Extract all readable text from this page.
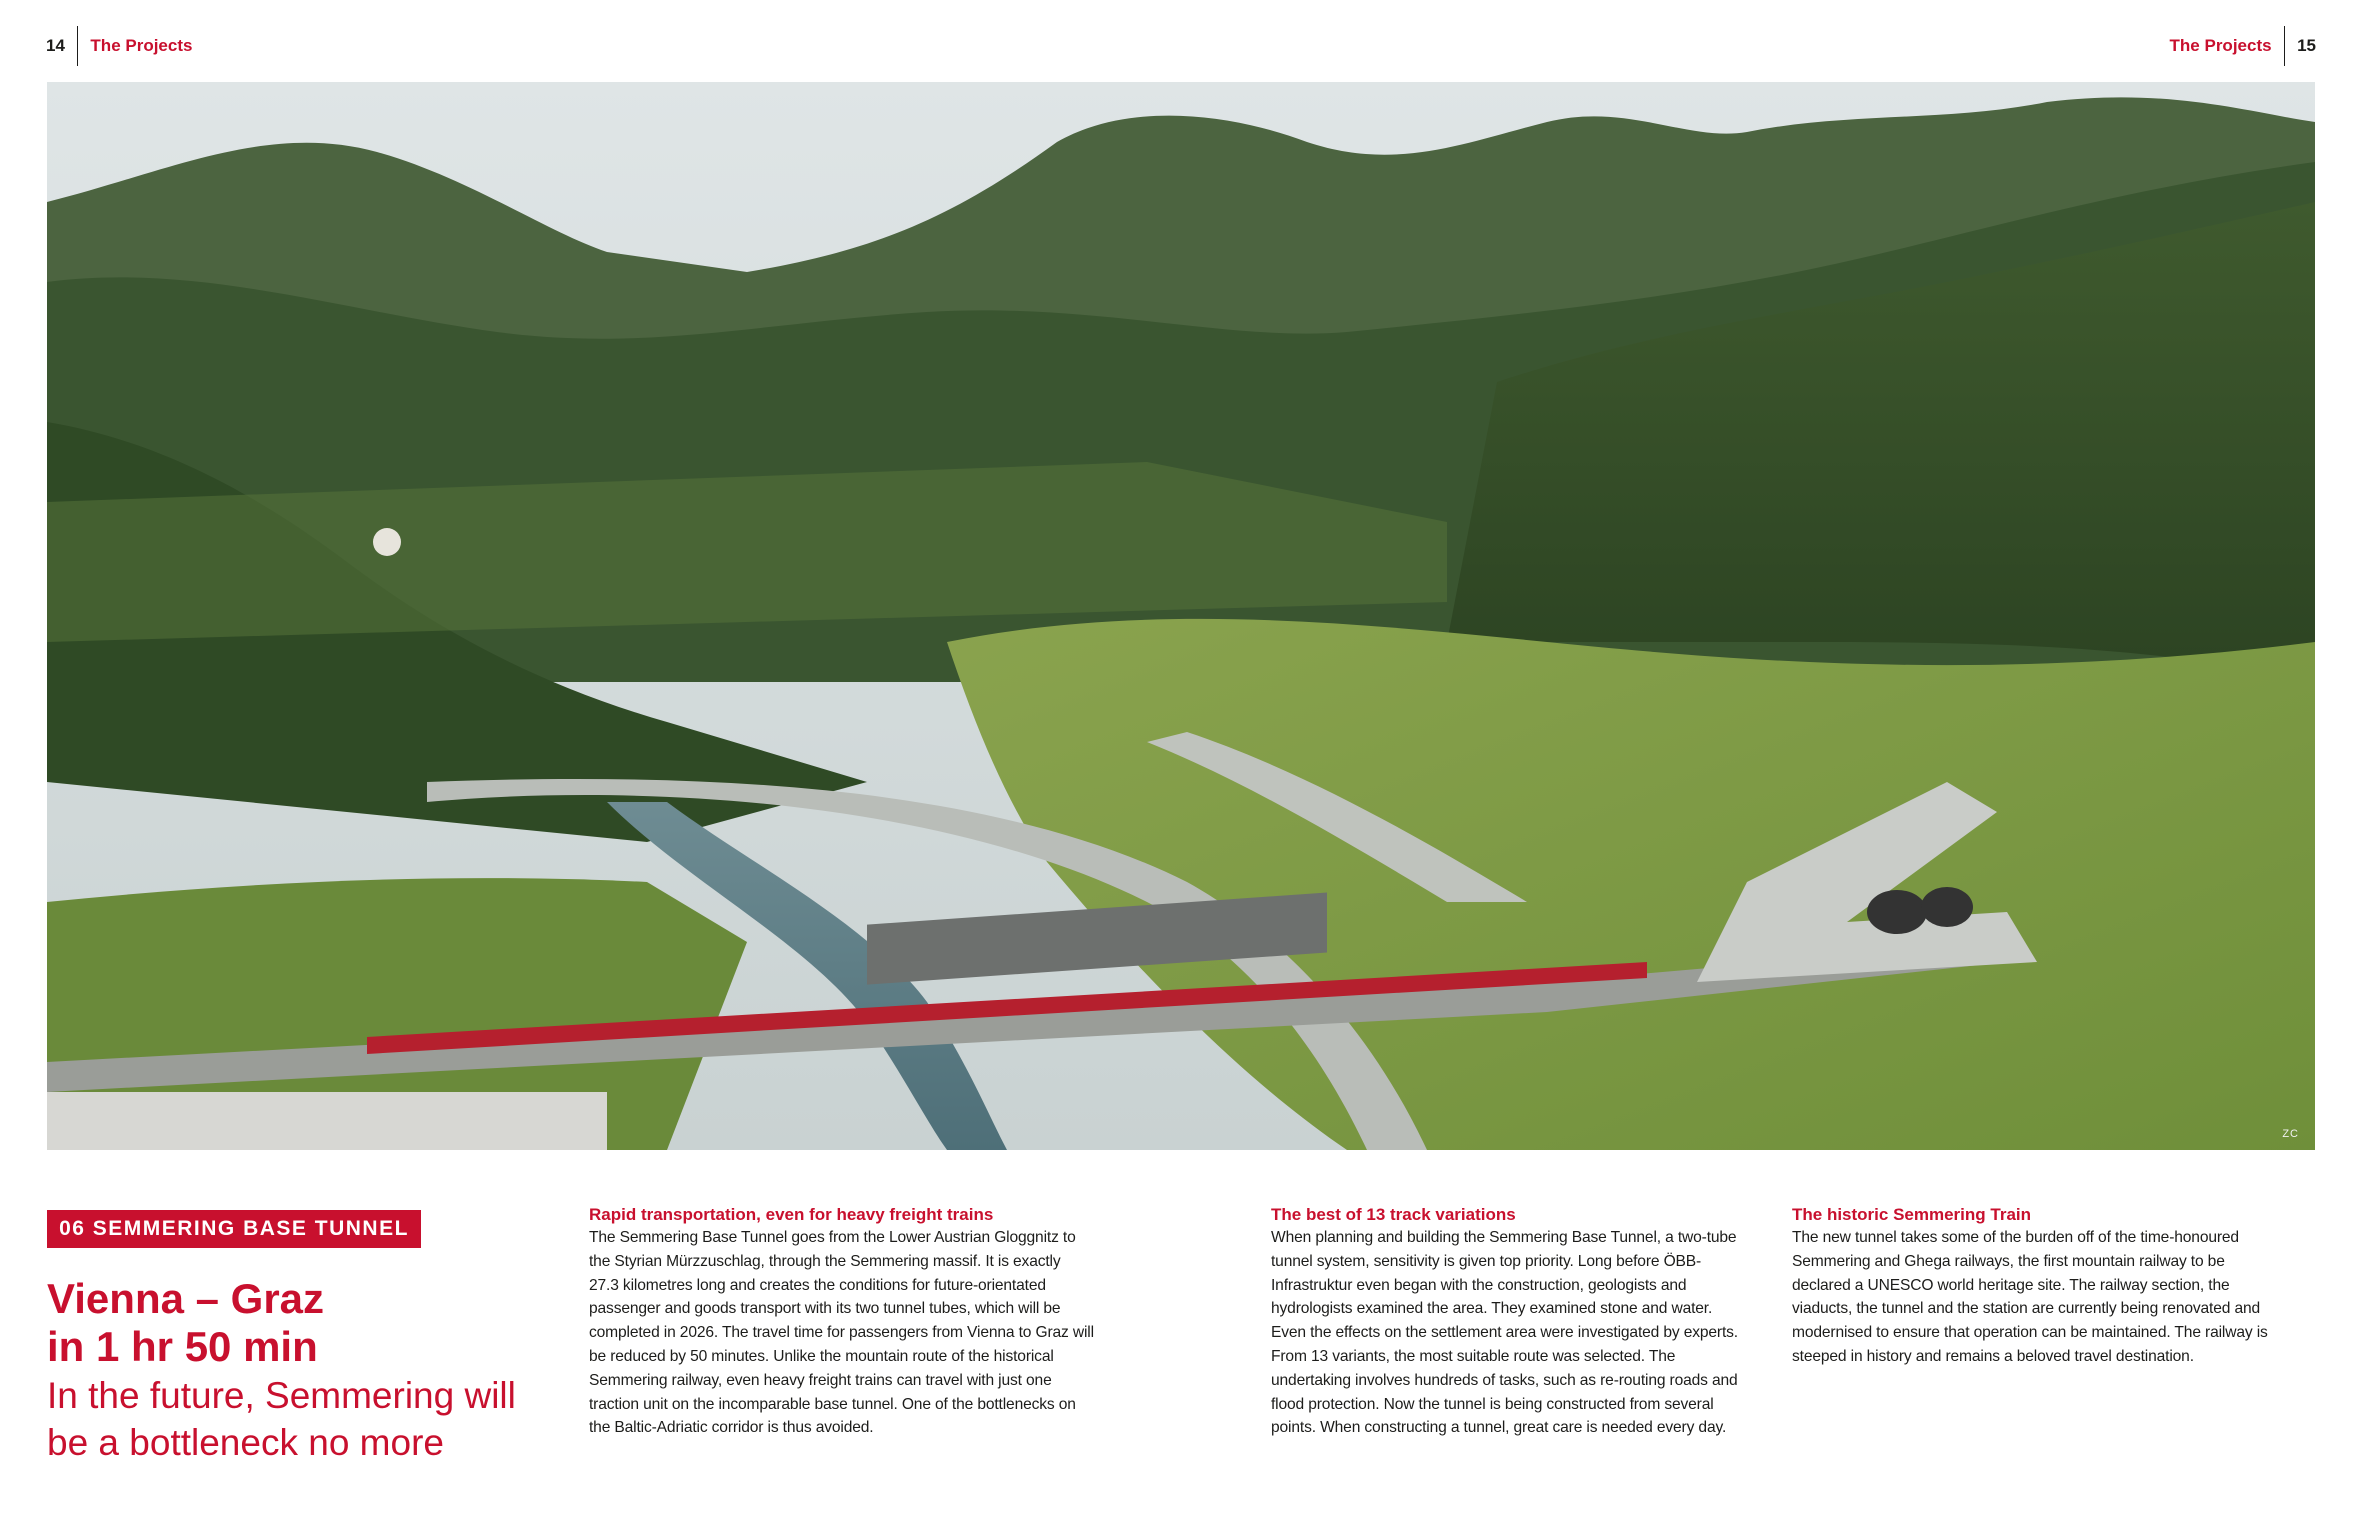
14 The Projects	The Projects 15
ZC
06 SEMMERING BASE TUNNEL
Vienna – Graz
in 1 hr 50 min
In the future, Semmering will be a bottleneck no more
Rapid transportation, even for heavy freight trains

The Semmering Base Tunnel goes from the Lower Austrian Gloggnitz to the Styrian Mürzzuschlag, through the Semmering massif. It is exactly 27.3 kilometres long and creates the conditions for future-orientated passenger and goods transport with its two tunnel tubes, which will be completed in 2026. The travel time for passengers from Vienna to Graz will be reduced by 50 minutes. Unlike the mountain route of the historical Semmering railway, even heavy freight trains can travel with just one traction unit on the incomparable base tunnel. One of the bottlenecks on the Baltic-Adriatic corridor is thus avoided.

The best of 13 track variations

When planning and building the Semmering Base Tunnel, a two-tube tunnel system, sensitivity is given top priority. Long before ÖBB-Infrastruktur even began with the construction, geologists and hydrologists examined the area. They examined stone and water. Even the effects on the settlement area were investigated by experts. From 13 variants, the most suitable route was selected. The undertaking involves hundreds of tasks, such as re-routing roads and flood protection. Now the tunnel is being constructed from several points. When constructing a tunnel, great care is needed every day.

The historic Semmering Train

The new tunnel takes some of the burden off of the time-honoured Semmering and Ghega railways, the first mountain railway to be declared a UNESCO world heritage site. The railway section, the viaducts, the tunnel and the station are currently being renovated and modernised to ensure that operation can be maintained. The railway is steeped in history and remains a beloved travel destination.
